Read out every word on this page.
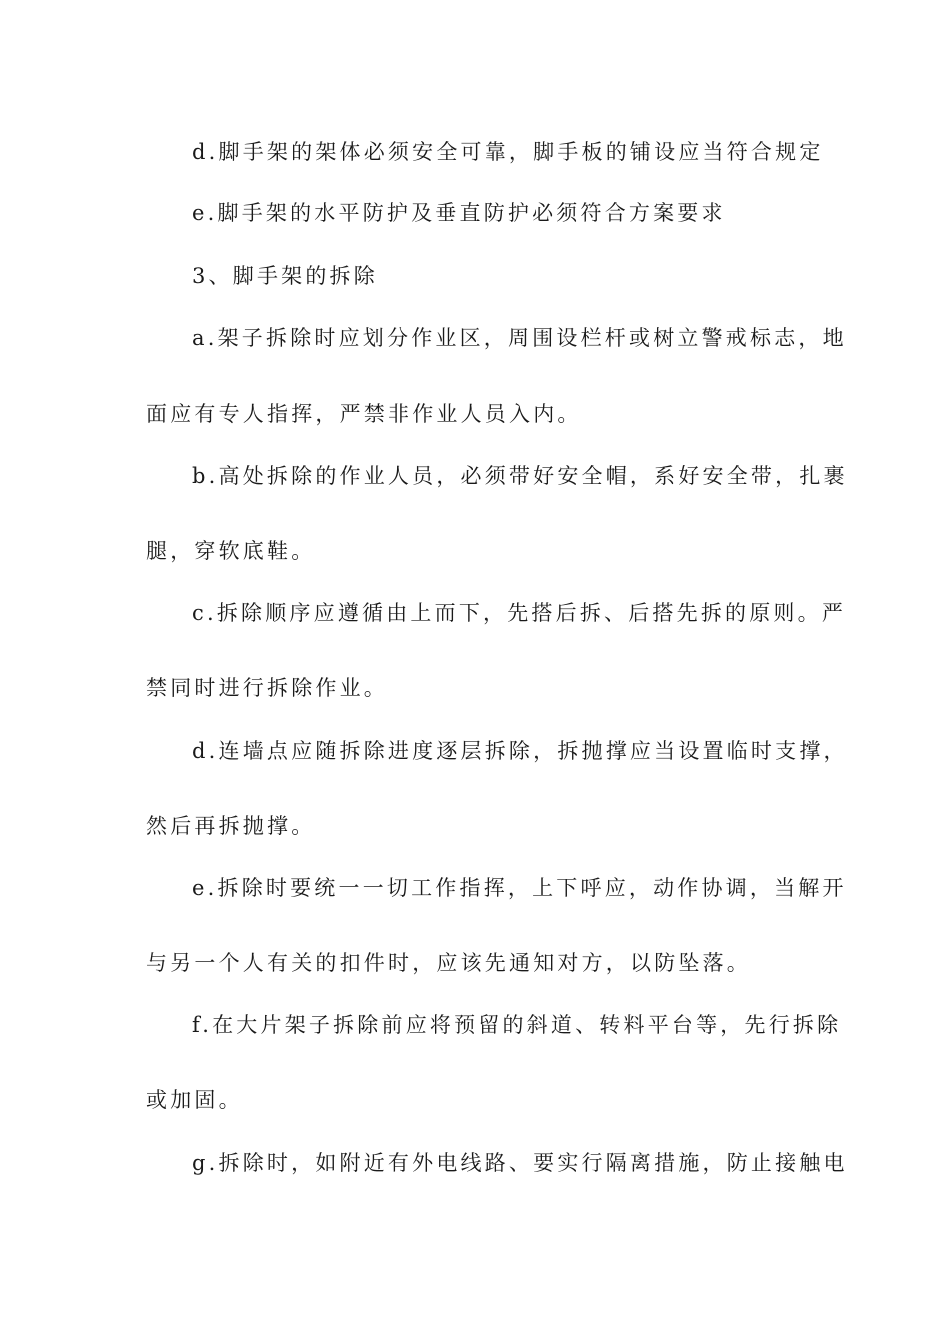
d.脚手架的架体必须安全可靠，脚手板的铺设应当符合规定
e.脚手架的水平防护及垂直防护必须符合方案要求
3、脚手架的拆除
a.架子拆除时应划分作业区，周围设栏杆或树立警戒标志，地
面应有专人指挥，严禁非作业人员入内。
b.高处拆除的作业人员，必须带好安全帽，系好安全带，扎裹
腿，穿软底鞋。
c.拆除顺序应遵循由上而下，先搭后拆、后搭先拆的原则。严
禁同时进行拆除作业。
d.连墙点应随拆除进度逐层拆除，拆抛撑应当设置临时支撑，
然后再拆抛撑。
e.拆除时要统一一切工作指挥，上下呼应，动作协调，当解开
与另一个人有关的扣件时，应该先通知对方，以防坠落。
f.在大片架子拆除前应将预留的斜道、转料平台等，先行拆除
或加固。
g.拆除时，如附近有外电线路、要实行隔离措施，防止接触电
